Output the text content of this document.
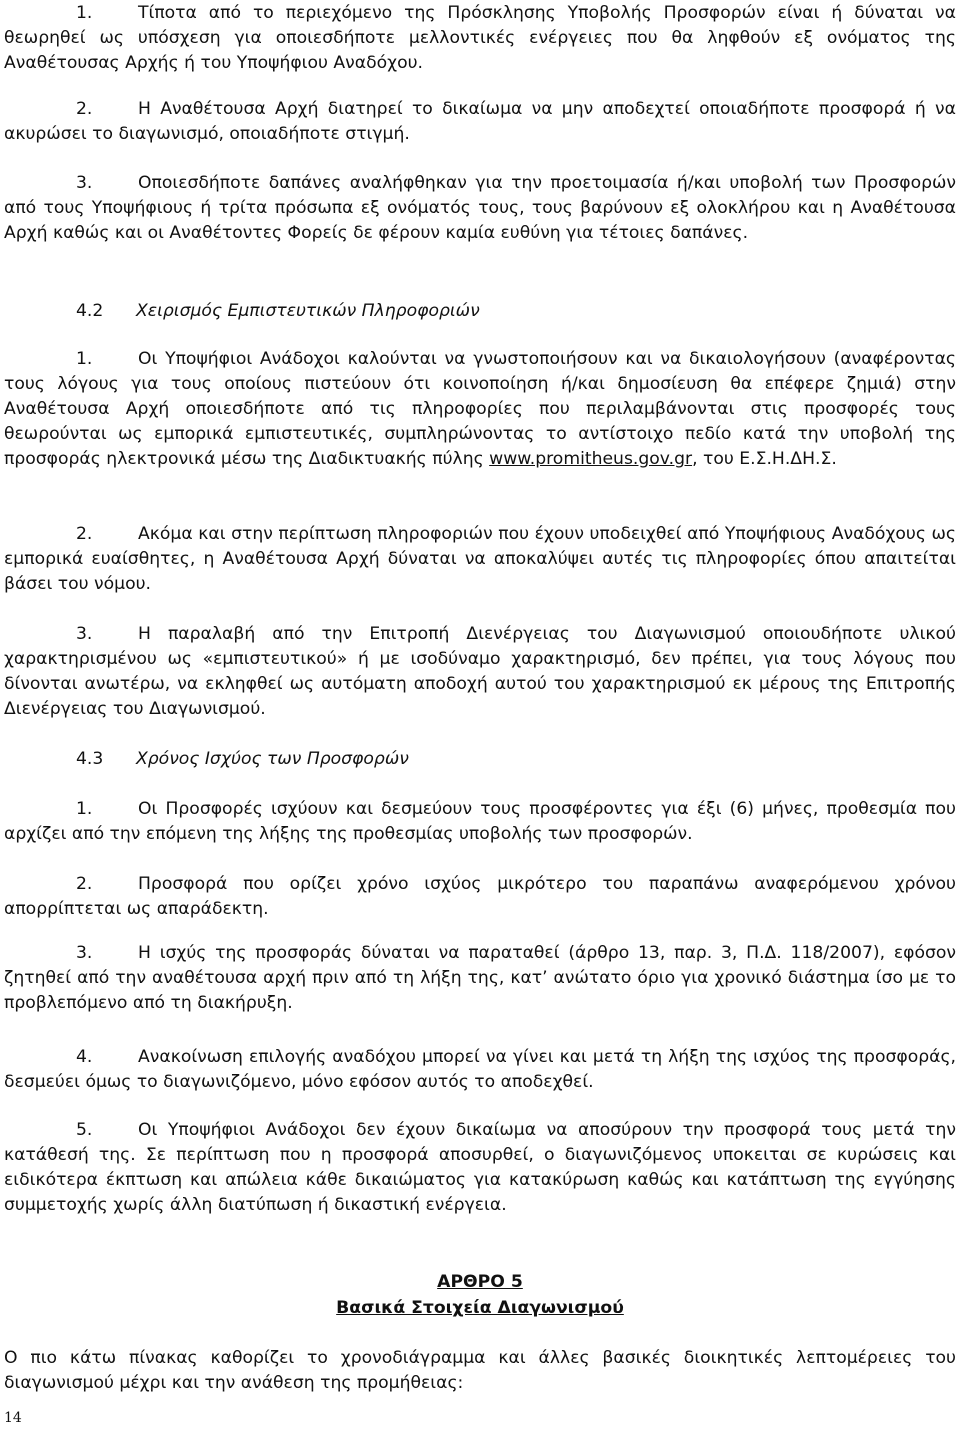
1.	Τίποτα από το περιεχόμενο της Πρόσκλησης Υποβολής Προσφορών είναι ή δύναται να θεωρηθεί ως υπόσχεση για οποιεσδήποτε μελλοντικές ενέργειες που θα ληφθούν εξ ονόματος της Αναθέτουσας Αρχής ή του Υποψήφιου Αναδόχου.

2.	Η Αναθέτουσα Αρχή διατηρεί το δικαίωμα να μην αποδεχτεί οποιαδήποτε προσφορά ή να ακυρώσει το διαγωνισμό, οποιαδήποτε στιγμή.

3.	Οποιεσδήποτε δαπάνες αναλήφθηκαν για την προετοιμασία ή/και υποβολή των Προσφορών από τους Υποψήφιους ή τρίτα πρόσωπα εξ ονόματός τους, τους βαρύνουν εξ ολοκλήρου και η Αναθέτουσα Αρχή καθώς και οι Αναθέτοντες Φορείς δε φέρουν καμία ευθύνη για τέτοιες δαπάνες.

4.2 Χειρισμός Εμπιστευτικών Πληροφοριών

1.	Οι Υποψήφιοι Ανάδοχοι καλούνται να γνωστοποιήσουν και να δικαιολογήσουν (αναφέροντας τους λόγους για τους οποίους πιστεύουν ότι κοινοποίηση ή/και δημοσίευση θα επέφερε ζημιά) στην Αναθέτουσα Αρχή οποιεσδήποτε από τις πληροφορίες που περιλαμβάνονται στις προσφορές τους θεωρούνται ως εμπορικά εμπιστευτικές, συμπληρώνοντας το αντίστοιχο πεδίο κατά την υποβολή της προσφοράς ηλεκτρονικά μέσω της Διαδικτυακής πύλης www.promitheus.gov.gr, του Ε.Σ.Η.ΔΗ.Σ.

2.	Ακόμα και στην περίπτωση πληροφοριών που έχουν υποδειχθεί από Υποψήφιους Αναδόχους ως εμπορικά ευαίσθητες, η Αναθέτουσα Αρχή δύναται να αποκαλύψει αυτές τις πληροφορίες όπου απαιτείται βάσει του νόμου.

3.	Η παραλαβή από την Επιτροπή Διενέργειας του Διαγωνισμού οποιουδήποτε υλικού χαρακτηρισμένου ως «εμπιστευτικού» ή με ισοδύναμο χαρακτηρισμό, δεν πρέπει, για τους λόγους που δίνονται ανωτέρω, να εκληφθεί ως αυτόματη αποδοχή αυτού του χαρακτηρισμού εκ μέρους της Επιτροπής Διενέργειας του Διαγωνισμού.

4.3 Χρόνος Ισχύος των Προσφορών

1.	Οι Προσφορές ισχύουν και δεσμεύουν τους προσφέροντες για έξι (6) μήνες, προθεσμία που αρχίζει από την επόμενη της λήξης της προθεσμίας υποβολής των προσφορών.

2.	Προσφορά που ορίζει χρόνο ισχύος μικρότερο του παραπάνω αναφερόμενου χρόνου απορρίπτεται ως απαράδεκτη.

3.	Η ισχύς της προσφοράς δύναται να παραταθεί (άρθρο 13, παρ. 3, Π.Δ. 118/2007), εφόσον ζητηθεί από την αναθέτουσα αρχή πριν από τη λήξη της, κατ’ ανώτατο όριο για χρονικό διάστημα ίσο με το προβλεπόμενο από τη διακήρυξη.

4.	Ανακοίνωση επιλογής αναδόχου μπορεί να γίνει και μετά τη λήξη της ισχύος της προσφοράς, δεσμεύει όμως το διαγωνιζόμενο, μόνο εφόσον αυτός το αποδεχθεί.

5.	Οι Υποψήφιοι Ανάδοχοι δεν έχουν δικαίωμα να αποσύρουν την προσφορά τους μετά την κατάθεσή της. Σε περίπτωση που η προσφορά αποσυρθεί, ο διαγωνιζόμενος υποκειται σε κυρώσεις και ειδικότερα έκπτωση και απώλεια κάθε δικαιώματος για κατακύρωση καθώς και κατάπτωση της εγγύησης συμμετοχής χωρίς άλλη διατύπωση ή δικαστική ενέργεια.

ΑΡΘΡΟ 5

Βασικά Στοιχεία Διαγωνισμού

Ο πιο κάτω πίνακας καθορίζει το χρονοδιάγραμμα και άλλες βασικές διοικητικές λεπτομέρειες του διαγωνισμού μέχρι και την ανάθεση της προμήθειας:

14
